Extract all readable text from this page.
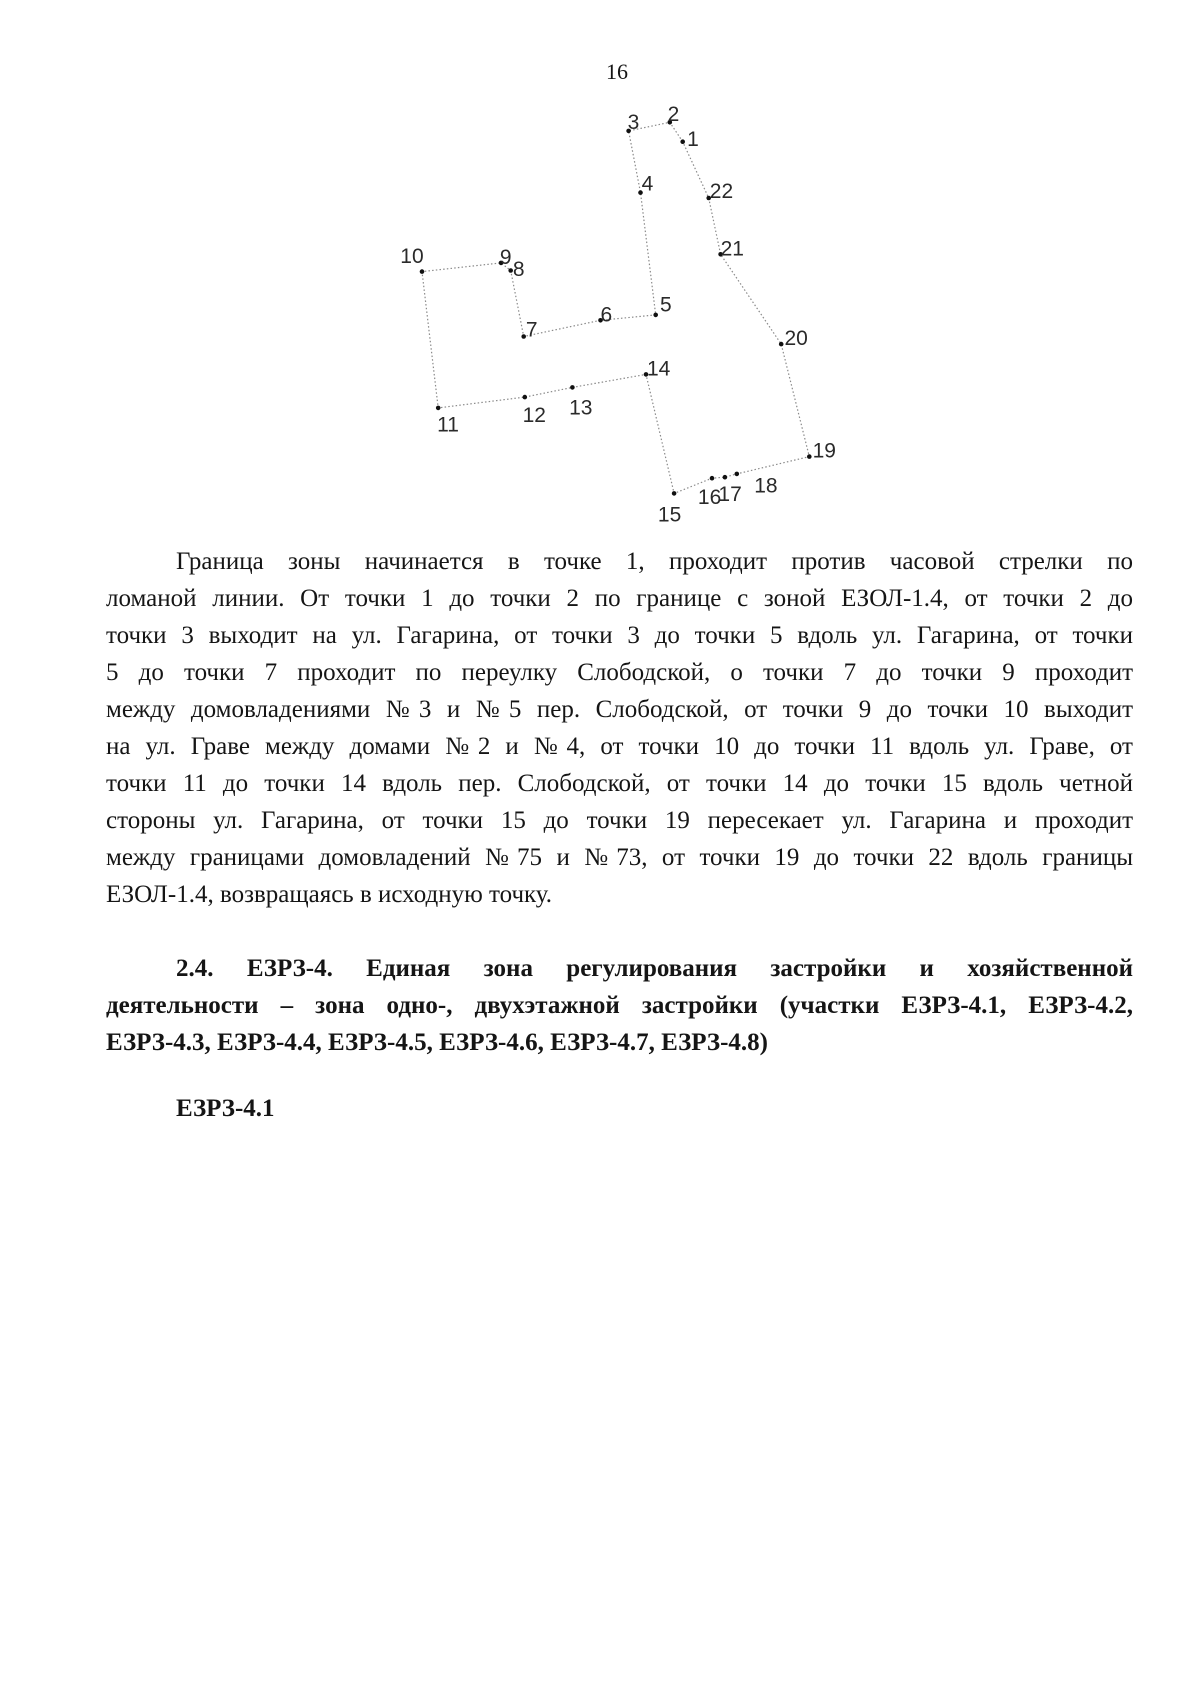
16
1
2
3
4
5
6
7
8
9
10
11	12 13
14
15
16
17 18
19
20
21
22
Граница зоны начинается в точке 1, проходит против часовой стрелки по
ломаной линии. От точки 1 до точки 2 по границе с зоной ЕЗОЛ-1.4, от точки 2 до
точки 3 выходит на ул. Гагарина, от точки 3 до точки 5 вдоль ул. Гагарина, от точки
5 до точки 7 проходит по переулку Слободской, о точки 7 до точки 9 проходит
между домовладениями №3 и №5 пер. Слободской, от точки 9 до точки 10 выходит
на ул. Граве между домами №2 и №4, от точки 10 до точки 11 вдоль ул. Граве, от
точки 11 до точки 14 вдоль пер. Слободской, от точки 14 до точки 15 вдоль четной
стороны ул. Гагарина, от точки 15 до точки 19 пересекает ул. Гагарина и проходит
между границами домовладений №75 и №73, от точки 19 до точки 22 вдоль границы
ЕЗОЛ-1.4, возвращаясь в исходную точку.
2.4. ЕЗРЗ-4. Единая зона регулирования застройки и хозяйственной
деятельности – зона одно-, двухэтажной застройки (участки ЕЗРЗ-4.1, ЕЗРЗ-4.2,
ЕЗРЗ-4.3, ЕЗРЗ-4.4, ЕЗРЗ-4.5, ЕЗРЗ-4.6, ЕЗРЗ-4.7, ЕЗРЗ-4.8)
ЕЗРЗ-4.1
